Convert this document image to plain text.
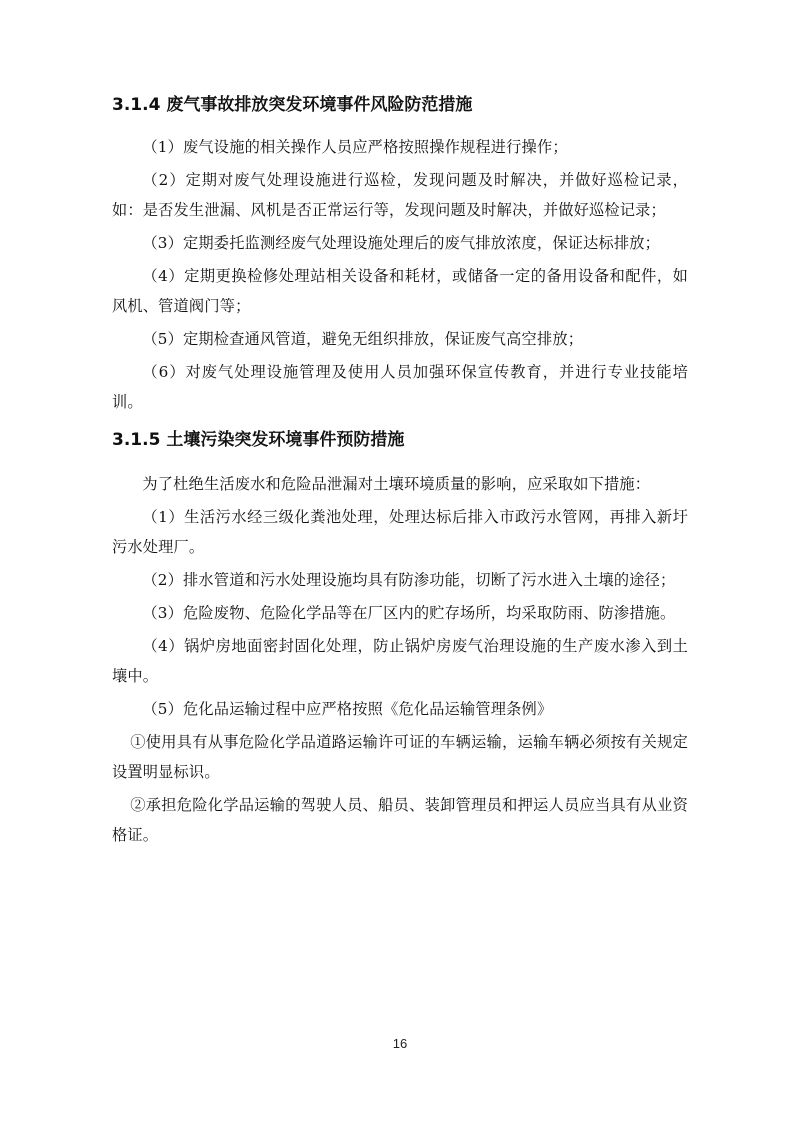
3.1.4 废气事故排放突发环境事件风险防范措施

（1）废气设施的相关操作人员应严格按照操作规程进行操作；

（2）定期对废气处理设施进行巡检，发现问题及时解决，并做好巡检记录，如：是否发生泄漏、风机是否正常运行等，发现问题及时解决，并做好巡检记录；

（3）定期委托监测经废气处理设施处理后的废气排放浓度，保证达标排放；

（4）定期更换检修处理站相关设备和耗材，或储备一定的备用设备和配件，如风机、管道阀门等；

（5）定期检查通风管道，避免无组织排放，保证废气高空排放；

（6）对废气处理设施管理及使用人员加强环保宣传教育，并进行专业技能培训。

3.1.5 土壤污染突发环境事件预防措施

为了杜绝生活废水和危险品泄漏对土壤环境质量的影响，应采取如下措施：

（1）生活污水经三级化粪池处理，处理达标后排入市政污水管网，再排入新圩污水处理厂。

（2）排水管道和污水处理设施均具有防渗功能，切断了污水进入土壤的途径；

（3）危险废物、危险化学品等在厂区内的贮存场所，均采取防雨、防渗措施。

（4）锅炉房地面密封固化处理，防止锅炉房废气治理设施的生产废水渗入到土壤中。

（5）危化品运输过程中应严格按照《危化品运输管理条例》

①使用具有从事危险化学品道路运输许可证的车辆运输，运输车辆必须按有关规定设置明显标识。

②承担危险化学品运输的驾驶人员、船员、装卸管理员和押运人员应当具有从业资格证。

16
